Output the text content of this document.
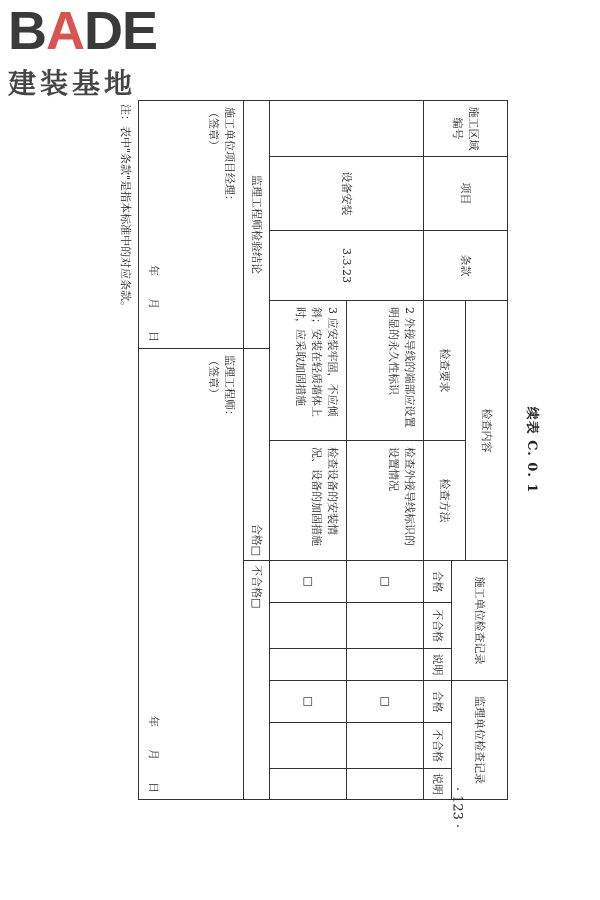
BADE
建装基地
续表 C. 0. 1
施工区域编号
项目
条款
检查内容
检查要求
检查方法
施工单位检查记录
合格
不合格
说明
监理单位检查记录
合格
不合格
说明
设备安装
3.3.23
2 外接导线的端部应设置明显的永久性标识
检查外接导线标识的设置情况
□
□
3 应安装牢固，不应倾斜；安装在轻质墙体上时，应采取加固措施
检查设备的安装情况、设备的加固措施
□
□
监理工程师检验结论
合格
□
不合格
□
施工单位项目经理：
（签章）
年　　月　　日
监理工程师：
（签章）
年　　月　　日
注：表中"条款"是指本标准中的对应条款。
· 123 ·
